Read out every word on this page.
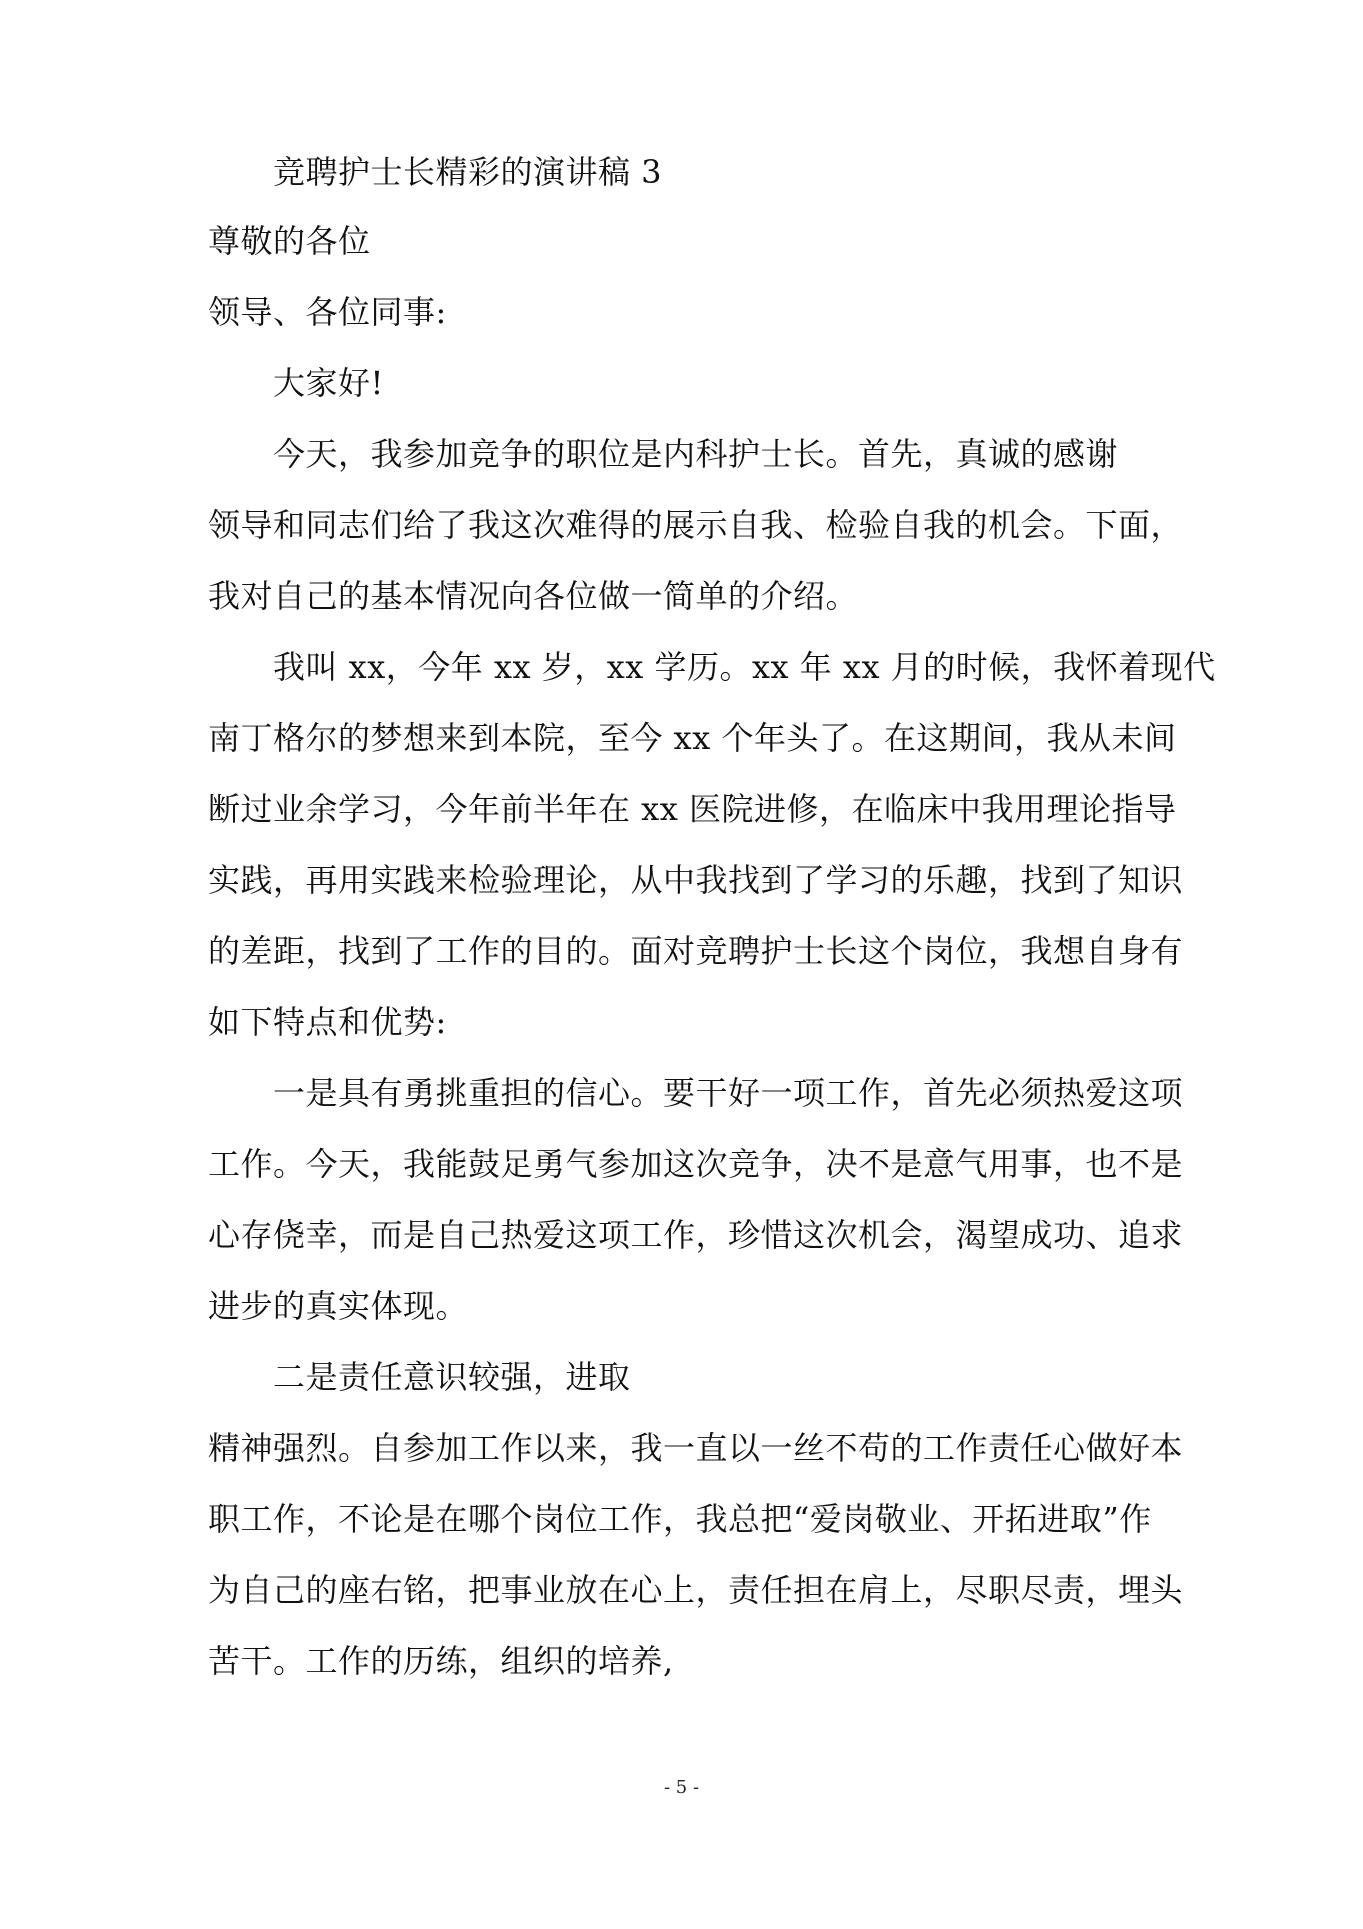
竞聘护士长精彩的演讲稿 3
尊敬的各位
领导、各位同事:
大家好!
今天，我参加竞争的职位是内科护士长。首先，真诚的感谢
领导和同志们给了我这次难得的展示自我、检验自我的机会。下面，
我对自己的基本情况向各位做一简单的介绍。
我叫 xx，今年 xx 岁，xx 学历。xx 年 xx 月的时候，我怀着现代
南丁格尔的梦想来到本院，至今 xx 个年头了。在这期间，我从未间
断过业余学习，今年前半年在 xx 医院进修，在临床中我用理论指导
实践，再用实践来检验理论，从中我找到了学习的乐趣，找到了知识
的差距，找到了工作的目的。面对竞聘护士长这个岗位，我想自身有
如下特点和优势:
一是具有勇挑重担的信心。要干好一项工作，首先必须热爱这项
工作。今天，我能鼓足勇气参加这次竞争，决不是意气用事，也不是
心存侥幸，而是自己热爱这项工作，珍惜这次机会，渴望成功、追求
进步的真实体现。
二是责任意识较强，进取
精神强烈。自参加工作以来，我一直以一丝不苟的工作责任心做好本
职工作，不论是在哪个岗位工作，我总把“爱岗敬业、开拓进取”作
为自己的座右铭，把事业放在心上，责任担在肩上，尽职尽责，埋头
苦干。工作的历练，组织的培养,
- 5 -
